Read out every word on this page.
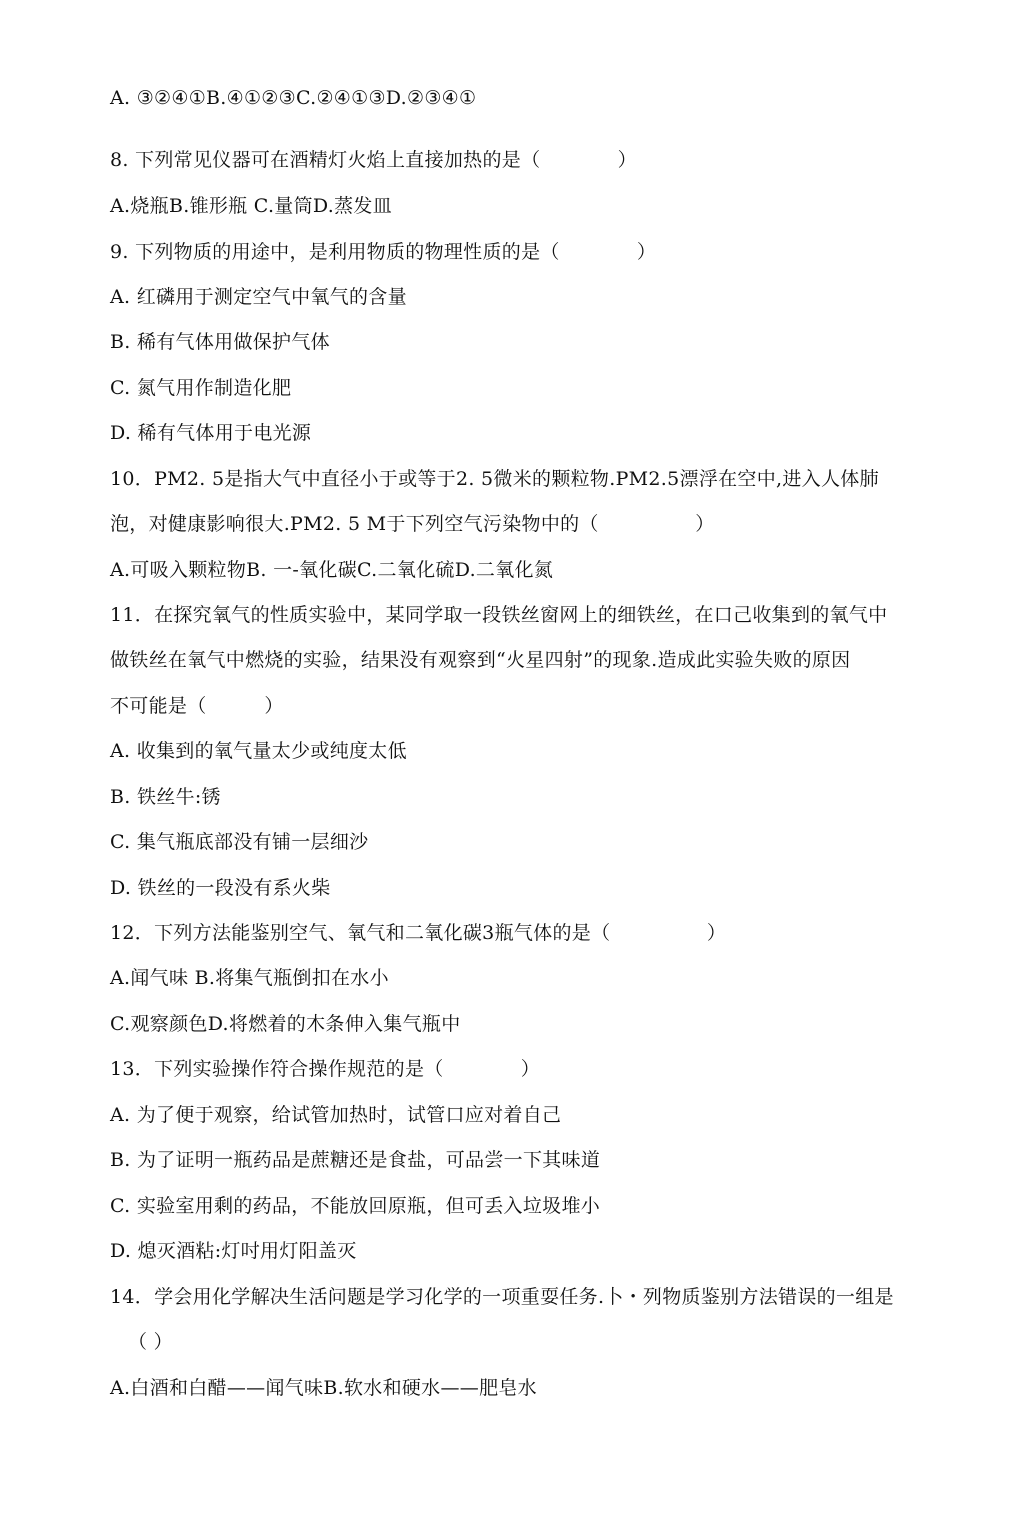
A. ③②④①B.④①②③C.②④①③D.②③④①
8. 下列常见仪器可在酒精灯火焰上直接加热的是（　　　　）
A.烧瓶B.锥形瓶 C.量筒D.蒸发皿
9. 下列物质的用途中，是利用物质的物理性质的是（　　　　）
A. 红磷用于测定空气中氧气的含量
B. 稀有气体用做保护气体
C. 氮气用作制造化肥
D. 稀有气体用于电光源
10．PM2. 5是指大气中直径小于或等于2. 5微米的颗粒物.PM2.5漂浮在空中,进入人体肺
泡，对健康影响很大.PM2. 5 M于下列空气污染物中的（　　　　　）
A.可吸入颗粒物B. 一-氧化碳C.二氧化硫D.二氧化氮
11．在探究氧气的性质实验中，某同学取一段铁丝窗网上的细铁丝，在口己收集到的氧气中
做铁丝在氧气中燃烧的实验，结果没有观察到“火星四射”的现象.造成此实验失败的原因
不可能是（　　　）
A. 收集到的氧气量太少或纯度太低
B. 铁丝牛:锈
C. 集气瓶底部没有铺一层细沙
D. 铁丝的一段没有系火柴
12．下列方法能鉴别空气、氧气和二氧化碳3瓶气体的是（　　　　　）
A.闻气味 B.将集气瓶倒扣在水小
C.观察颜色D.将燃着的木条伸入集气瓶中
13．下列实验操作符合操作规范的是（　　　　）
A. 为了便于观察，给试管加热时，试管口应对着自己
B. 为了证明一瓶药品是蔗糖还是食盐，可品尝一下其味道
C. 实验室用剩的药品，不能放回原瓶，但可丢入垃圾堆小
D. 熄灭酒粘:灯吋用灯阳盖灭
14．学会用化学解决生活问题是学习化学的一项重耍任务.卜・列物质鉴别方法错误的一组是
（ ）
A.白酒和白醋——闻气味B.软水和硬水——肥皂水
